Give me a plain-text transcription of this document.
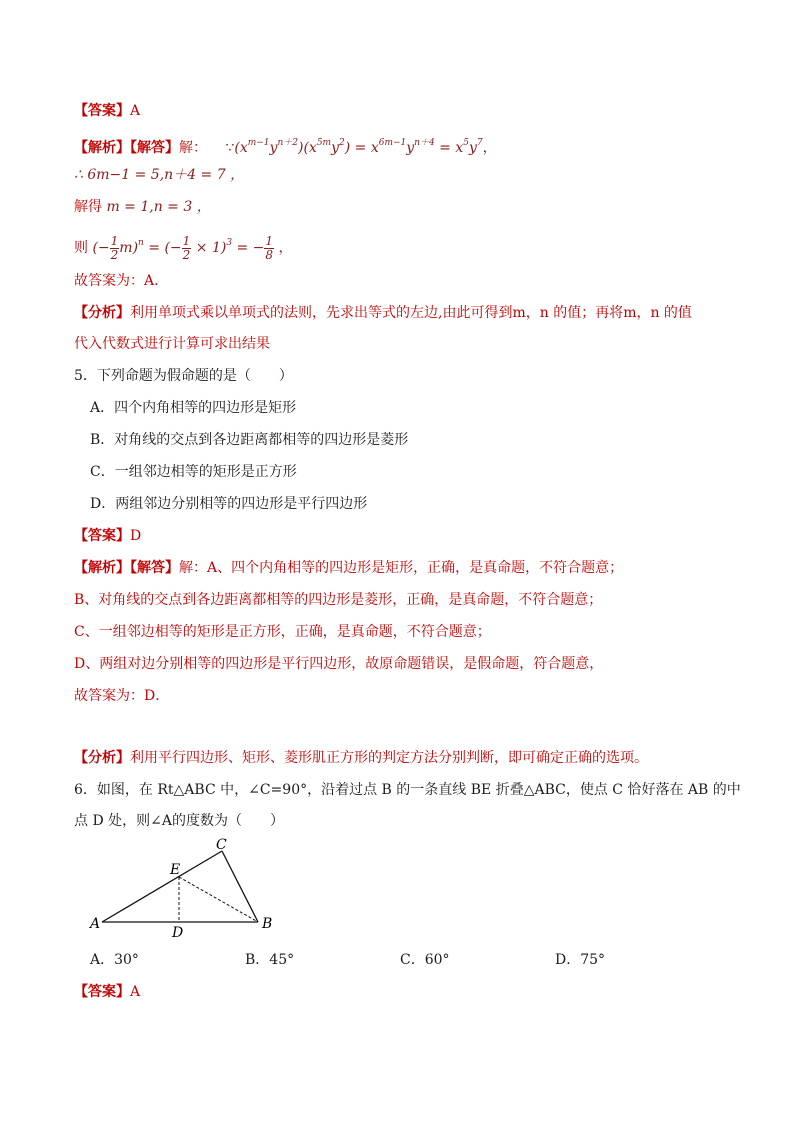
【答案】A
【解析】【解答】解： $\because(x^{m-1}y^{n+2})(x^{5m}y^2) = x^{6m-1}y^{n+4} = x^5y^7$，
∴ 6m−1 = 5,n＋4 = 7 ，
解得 m = 1,n = 3 ，
则 (− $\frac{1}{2} m)^n$ = (− $\frac{1}{2} \times 1)^3$ = − $\frac{1}{8}$ ，
故答案为：A.
【分析】利用单项式乘以单项式的法则，先求出等式的左边,由此可得到m，n 的值；再将m，n 的值
代入代数式进行计算可求出结果
5．下列命题为假命题的是（　　）
A．四个内角相等的四边形是矩形
B．对角线的交点到各边距离都相等的四边形是菱形
C．一组邻边相等的矩形是正方形
D．两组邻边分别相等的四边形是平行四边形
【答案】D
【解析】【解答】解：A、四个内角相等的四边形是矩形，正确，是真命题，不符合题意；
B、对角线的交点到各边距离都相等的四边形是菱形，正确，是真命题，不符合题意；
C、一组邻边相等的矩形是正方形，正确，是真命题，不符合题意；
D、两组对边分别相等的四边形是平行四边形，故原命题错误，是假命题，符合题意，
故答案为：D．
【分析】利用平行四边形、矩形、菱形肌正方形的判定方法分别判断，即可确定正确的选项。
6．如图，在 Rt△ABC 中，∠C=90°，沿着过点 B 的一条直线 BE 折叠△ABC，使点 C 恰好落在 AB 的中
点 D 处，则∠A的度数为（　　）
A	B
C
D
E
A．30°	B．45°	C．60°	D．75°
【答案】A
